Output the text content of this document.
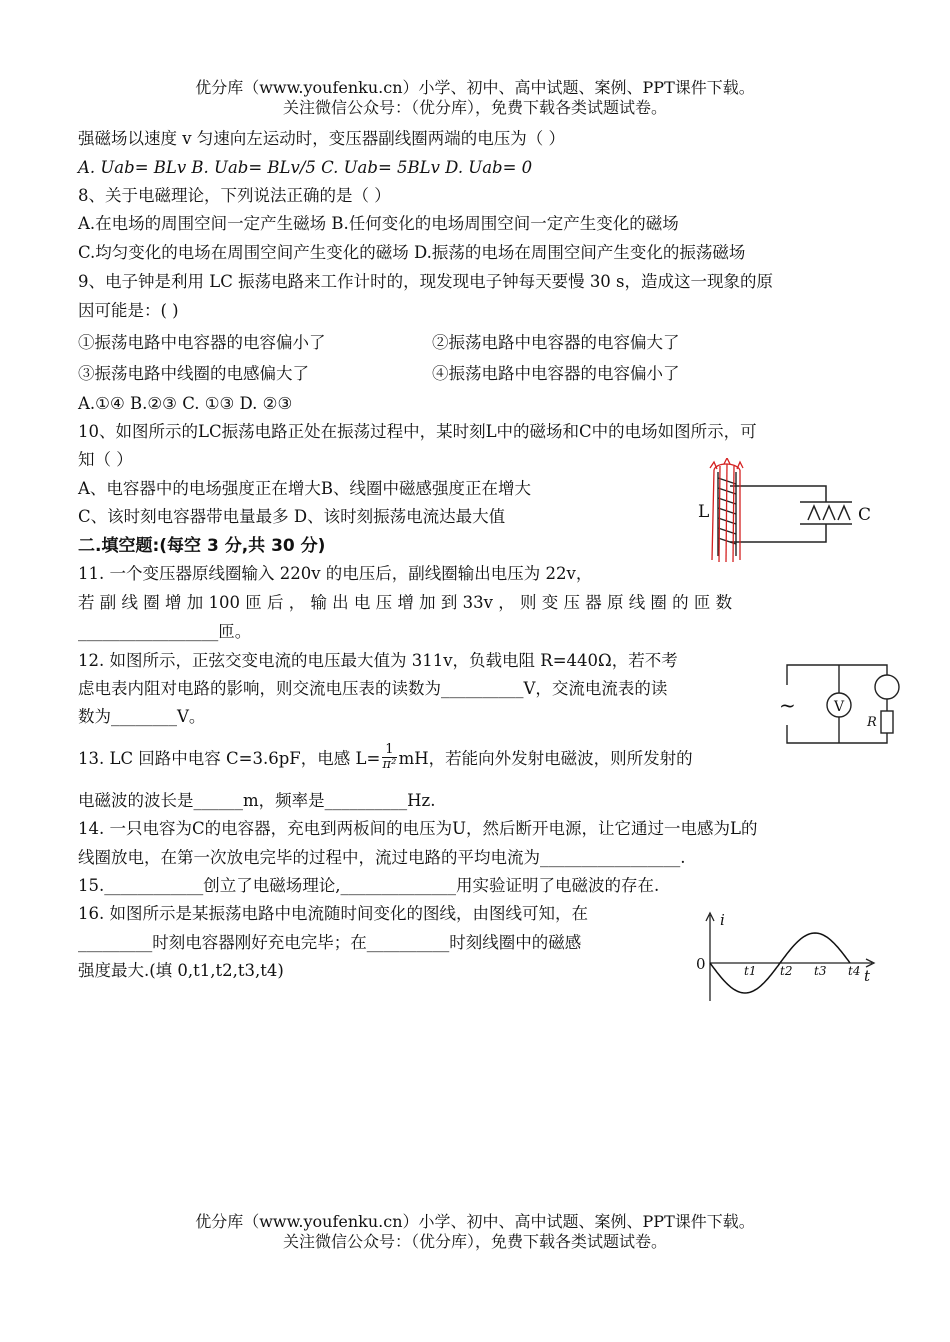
优分库（www.youfenku.cn）小学、初中、高中试题、案例、PPT课件下载。
关注微信公众号：（优分库），免费下载各类试题试卷。
强磁场以速度 v 匀速向左运动时，变压器副线圈两端的电压为（ ）
A. Uab= BLv B. Uab= BLv/5 C. Uab= 5BLv D. Uab= 0
8、关于电磁理论，下列说法正确的是（ ）
A.在电场的周围空间一定产生磁场 B.任何变化的电场周围空间一定产生变化的磁场
C.均匀变化的电场在周围空间产生变化的磁场 D.振荡的电场在周围空间产生变化的振荡磁场
9、电子钟是利用 LC 振荡电路来工作计时的，现发现电子钟每天要慢 30 s，造成这一现象的原
因可能是：( )
①振荡电路中电容器的电容偏小了	②振荡电路中电容器的电容偏大了
③振荡电路中线圈的电感偏大了	④振荡电路中电容器的电容偏小了
A.①④ B.②③ C. ①③ D. ②③
10、如图所示的LC振荡电路正处在振荡过程中，某时刻L中的磁场和C中的电场如图所示，可
知（ ）
A、电容器中的电场强度正在增大B、线圈中磁感强度正在增大
C、该时刻电容器带电量最多 D、该时刻振荡电流达最大值	L	C
二.填空题:(每空 3 分,共 30 分)
11. 一个变压器原线圈输入 220v 的电压后，副线圈输出电压为 22v，
若 副 线 圈 增 加 100 匝 后 ， 输 出 电 压 增 加 到 33v ， 则 变 压 器 原 线 圈 的 匝 数
_________________匝。
12. 如图所示，正弦交变电流的电压最大值为 311v，负载电阻 R=440Ω，若不考
虑电表内阻对电路的影响，则交流电压表的读数为__________V，交流电流表的读
数为________V。	V
R
~
13. LC 回路中电容 C=3.6pF，电感 $L= \frac{1}{\text{π²}}$ mH，若能向外发射电磁波，则所发射的
电磁波的波长是______m，频率是__________Hz.
14. 一只电容为C的电容器，充电到两板间的电压为U，然后断开电源，让它通过一电感为L的
线圈放电，在第一次放电完毕的过程中，流过电路的平均电流为_________________.
15.____________创立了电磁场理论,______________用实验证明了电磁波的存在.
16. 如图所示是某振荡电路中电流随时间变化的图线，由图线可知，在
_________时刻电容器刚好充电完毕；在__________时刻线圈中的磁感
强度最大.(填 0,t1,t2,t3,t4)
i
t
0	t1 t2 t3 t4
优分库（www.youfenku.cn）小学、初中、高中试题、案例、PPT课件下载。
关注微信公众号：（优分库），免费下载各类试题试卷。
